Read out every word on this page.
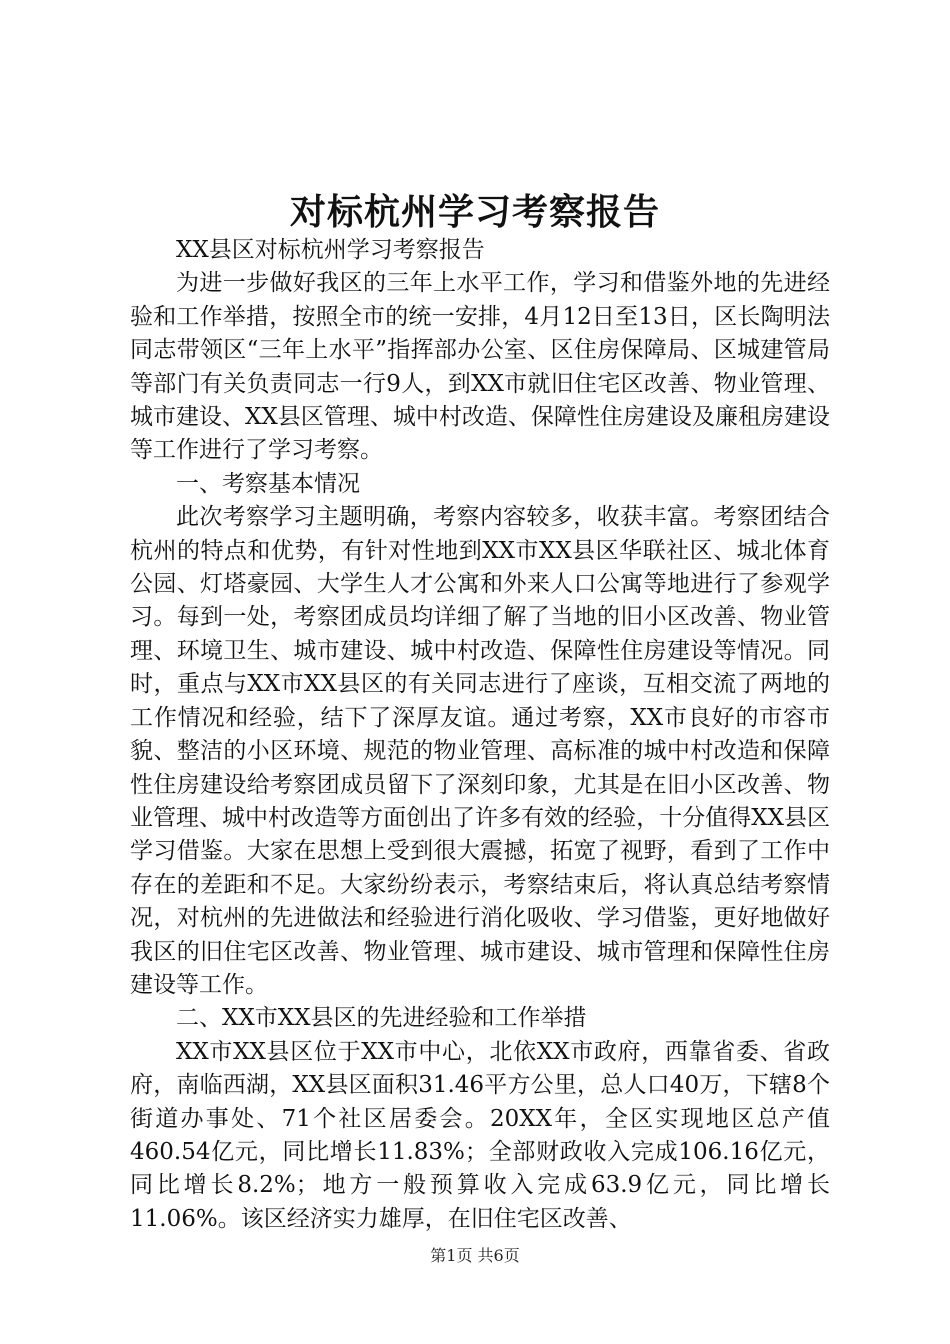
对标杭州学习考察报告

XX县区对标杭州学习考察报告

为进一步做好我区的三年上水平工作，学习和借鉴外地的先进经验和工作举措，按照全市的统一安排，4月12日至13日，区长陶明法同志带领区“三年上水平”指挥部办公室、区住房保障局、区城建管局等部门有关负责同志一行9人，到XX市就旧住宅区改善、物业管理、城市建设、XX县区管理、城中村改造、保障性住房建设及廉租房建设等工作进行了学习考察。

一、考察基本情况

此次考察学习主题明确，考察内容较多，收获丰富。考察团结合杭州的特点和优势，有针对性地到XX市XX县区华联社区、城北体育公园、灯塔豪园、大学生人才公寓和外来人口公寓等地进行了参观学习。每到一处，考察团成员均详细了解了当地的旧小区改善、物业管理、环境卫生、城市建设、城中村改造、保障性住房建设等情况。同时，重点与XX市XX县区的有关同志进行了座谈，互相交流了两地的工作情况和经验，结下了深厚友谊。通过考察，XX市良好的市容市貌、整洁的小区环境、规范的物业管理、高标准的城中村改造和保障性住房建设给考察团成员留下了深刻印象，尤其是在旧小区改善、物业管理、城中村改造等方面创出了许多有效的经验，十分值得XX县区学习借鉴。大家在思想上受到很大震撼，拓宽了视野，看到了工作中存在的差距和不足。大家纷纷表示，考察结束后，将认真总结考察情况，对杭州的先进做法和经验进行消化吸收、学习借鉴，更好地做好我区的旧住宅区改善、物业管理、城市建设、城市管理和保障性住房建设等工作。

二、XX市XX县区的先进经验和工作举措

XX市XX县区位于XX市中心，北依XX市政府，西靠省委、省政府，南临西湖，XX县区面积31.46平方公里，总人口40万，下辖8个街道办事处、71个社区居委会。20XX年，全区实现地区总产值460.54亿元，同比增长11.83%；全部财政收入完成106.16亿元，同比增长8.2%；地方一般预算收入完成63.9亿元，同比增长11.06%。该区经济实力雄厚，在旧住宅区改善、

第1页 共6页
